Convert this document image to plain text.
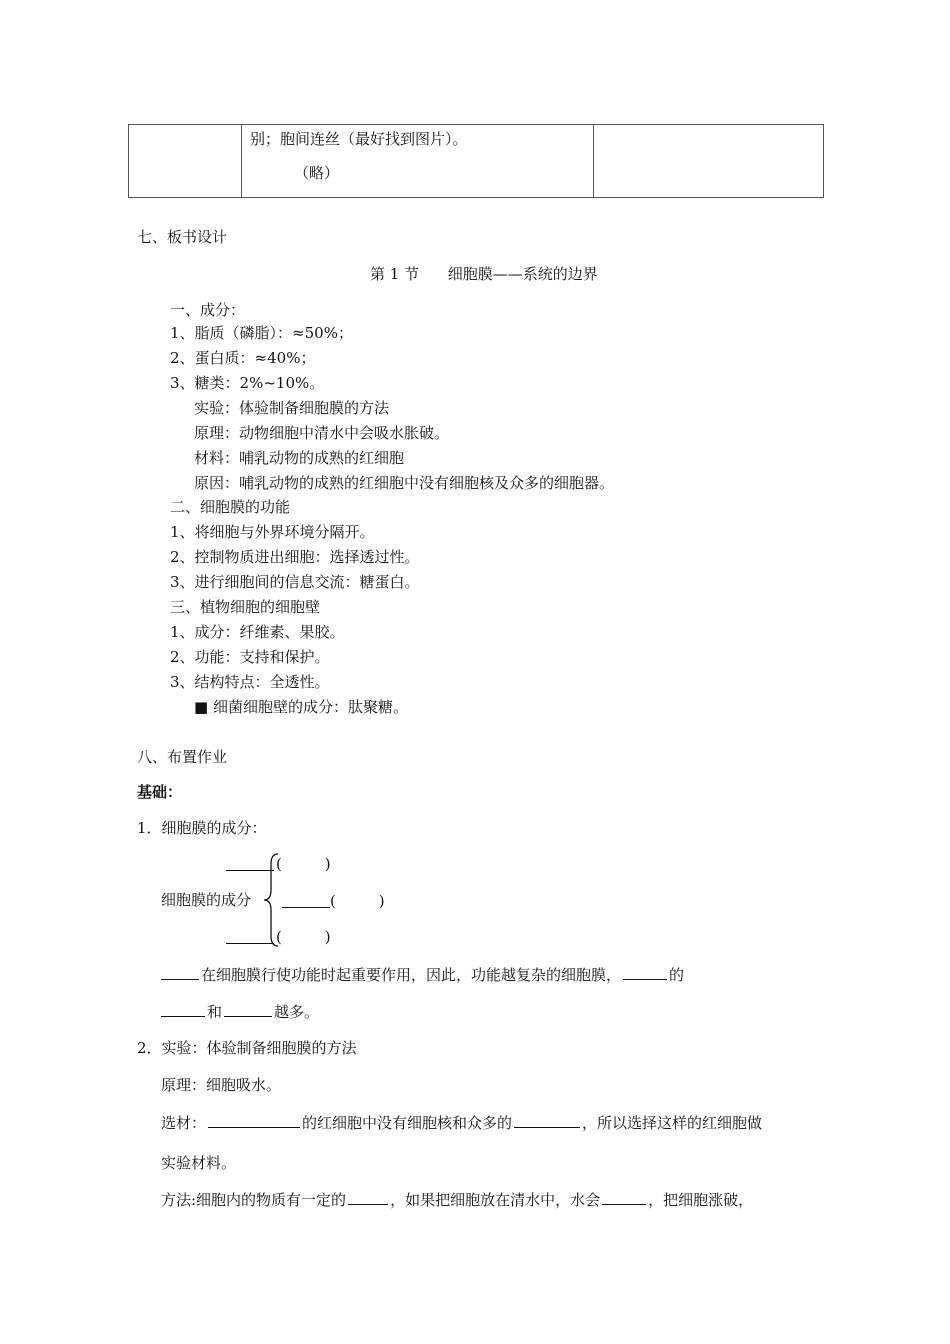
别；胞间连丝（最好找到图片）。
（略）
七、板书设计
第 1 节      细胞膜——系统的边界
一、成分：
1、脂质（磷脂）：≈50%；
2、蛋白质：≈40%；
3、糖类：2%~10%。
实验：体验制备细胞膜的方法
原理：动物细胞中清水中会吸水胀破。
材料：哺乳动物的成熟的红细胞
原因：哺乳动物的成熟的红细胞中没有细胞核及众多的细胞器。
二、细胞膜的功能
1、将细胞与外界环境分隔开。
2、控制物质进出细胞：选择透过性。
3、进行细胞间的信息交流：糖蛋白。
三、植物细胞的细胞壁
1、成分：纤维素、果胶。
2、功能：支持和保护。
3、结构特点：全透性。
■ 细菌细胞壁的成分：肽聚糖。
八、布置作业
基础：
1．细胞膜的成分：
细胞膜的成分
(         )
(         )
(         )
在细胞膜行使功能时起重要作用，因此，功能越复杂的细胞膜，	的
和	越多。
2．实验：体验制备细胞膜的方法
原理：细胞吸水。
选材：	的红细胞中没有细胞核和众多的	，所以选择这样的红细胞做
实验材料。
方法:细胞内的物质有一定的	，如果把细胞放在清水中，水会	，把细胞涨破，
